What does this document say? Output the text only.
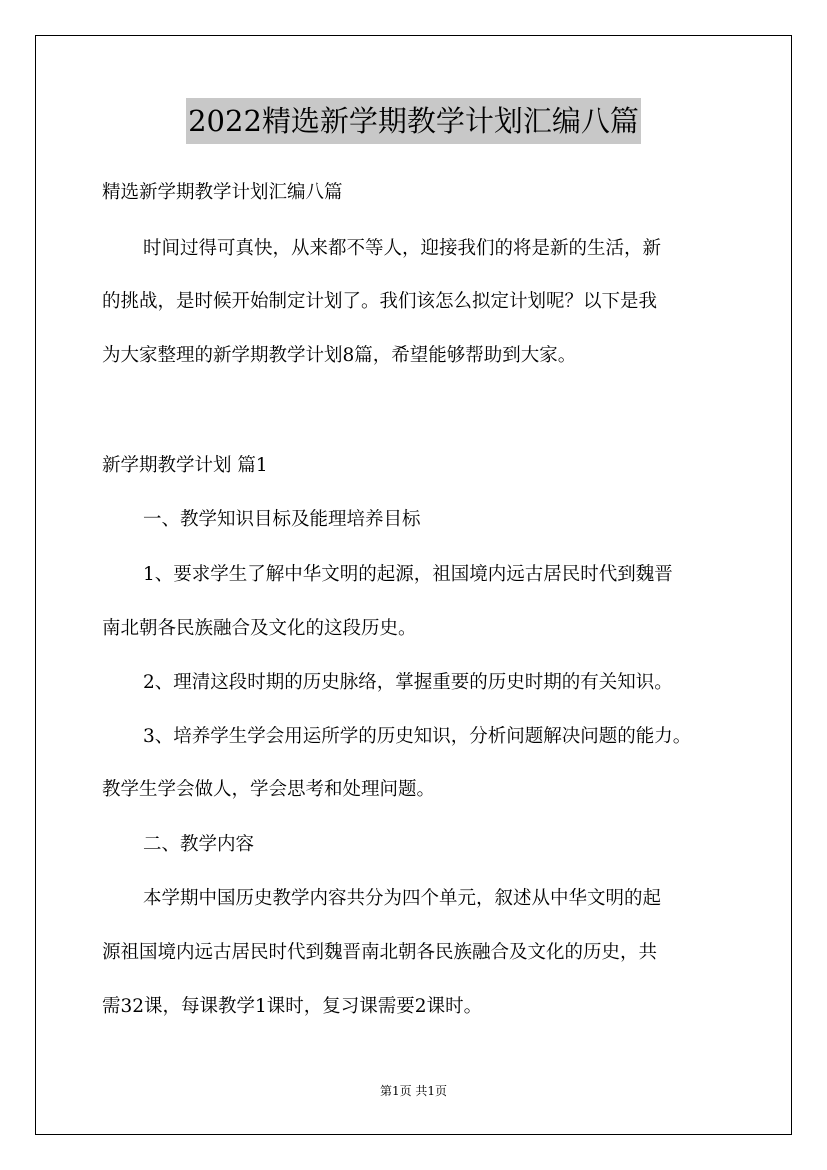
2022精选新学期教学计划汇编八篇
精选新学期教学计划汇编八篇
时间过得可真快，从来都不等人，迎接我们的将是新的生活，新
的挑战，是时候开始制定计划了。我们该怎么拟定计划呢？以下是我
为大家整理的新学期教学计划8篇，希望能够帮助到大家。
新学期教学计划 篇1
一、教学知识目标及能理培养目标
1、要求学生了解中华文明的起源，祖国境内远古居民时代到魏晋
南北朝各民族融合及文化的这段历史。
2、理清这段时期的历史脉络，掌握重要的历史时期的有关知识。
3、培养学生学会用运所学的历史知识，分析问题解决问题的能力。
教学生学会做人，学会思考和处理问题。
二、教学内容
本学期中国历史教学内容共分为四个单元，叙述从中华文明的起
源祖国境内远古居民时代到魏晋南北朝各民族融合及文化的历史，共
需32课，每课教学1课时，复习课需要2课时。
第1页 共1页
